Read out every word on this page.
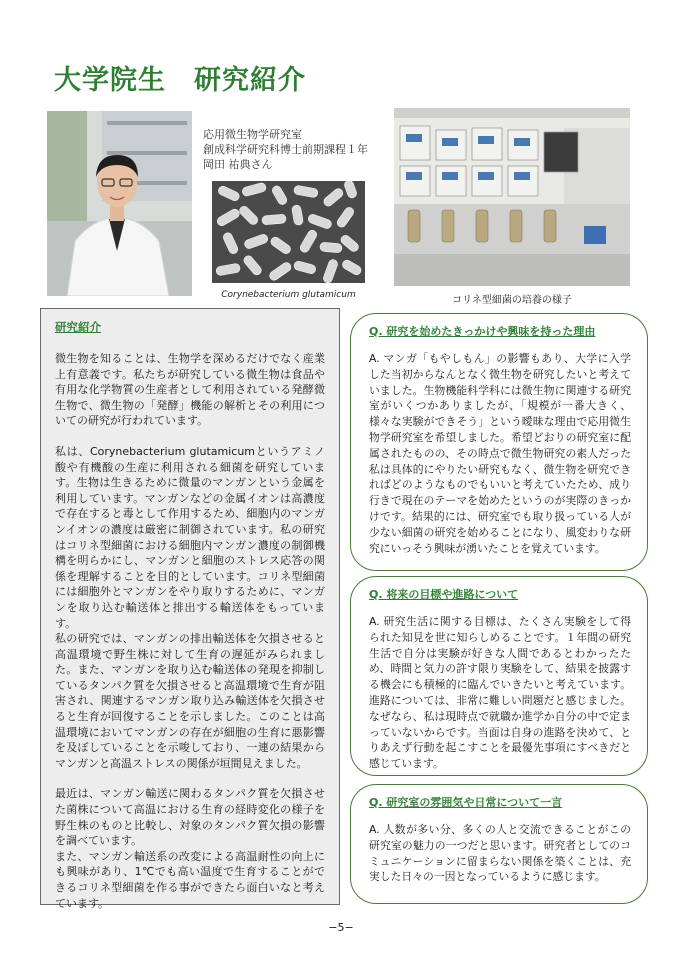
大学院生　研究紹介
応用微生物学研究室
創成科学研究科博士前期課程１年
岡田 祐典さん
Corynebacterium glutamicum	コリネ型細菌の培養の様子
研究紹介

微生物を知ることは、生物学を深めるだけでなく産業上有意義です。私たちが研究している微生物は食品や有用な化学物質の生産者として利用されている発酵微生物で、微生物の「発酵」機能の解析とその利用についての研究が行われています。

私は、Corynebacterium glutamicumというアミノ酸や有機酸の生産に利用される細菌を研究しています。生物は生きるために微量のマンガンという金属を利用しています。マンガンなどの金属イオンは高濃度で存在すると毒として作用するため、細胞内のマンガンイオンの濃度は厳密に制御されています。私の研究はコリネ型細菌における細胞内マンガン濃度の制御機構を明らかにし、マンガンと細胞のストレス応答の関係を理解することを目的としています。コリネ型細菌には細胞外とマンガンをやり取りするために、マンガンを取り込む輸送体と排出する輸送体をもっています。
私の研究では、マンガンの排出輸送体を欠損させると高温環境で野生株に対して生育の遅延がみられました。また、マンガンを取り込む輸送体の発現を抑制しているタンパク質を欠損させると高温環境で生育が阻害され、関連するマンガン取り込み輸送体を欠損させると生育が回復することを示しました。このことは高温環境においてマンガンの存在が細胞の生育に悪影響を及ぼしていることを示唆しており、一連の結果からマンガンと高温ストレスの関係が垣間見えました。

最近は、マンガン輸送に関わるタンパク質を欠損させた菌株について高温における生育の経時変化の様子を野生株のものと比較し、対象のタンパク質欠損の影響を調べています。
また、マンガン輸送系の改変による高温耐性の向上にも興味があり、1℃でも高い温度で生育することができるコリネ型細菌を作る事ができたら面白いなと考えています。

Q. 研究を始めたきっかけや興味を持った理由

A. マンガ「もやしもん」の影響もあり、大学に入学した当初からなんとなく微生物を研究したいと考えていました。生物機能科学科には微生物に関連する研究室がいくつかありましたが、「規模が一番大きく、様々な実験ができそう」という曖昧な理由で応用微生物学研究室を希望しました。希望どおりの研究室に配属されたものの、その時点で微生物研究の素人だった私は具体的にやりたい研究もなく、微生物を研究できればどのようなものでもいいと考えていたため、成り行きで現在のテーマを始めたというのが実際のきっかけです。結果的には、研究室でも取り扱っている人が少ない細菌の研究を始めることになり、風変わりな研究にいっそう興味が湧いたことを覚えています。

Q. 将来の目標や進路について

A. 研究生活に関する目標は、たくさん実験をして得られた知見を世に知らしめることです。１年間の研究生活で自分は実験が好きな人間であるとわかったため、時間と気力の許す限り実験をして、結果を披露する機会にも積極的に臨んでいきたいと考えています。進路については、非常に難しい問題だと感じました。なぜなら、私は現時点で就職か進学か自分の中で定まっていないからです。当面は自身の進路を決めて、とりあえず行動を起こすことを最優先事項にすべきだと感じています。

Q. 研究室の雰囲気や日常について一言

A. 人数が多い分、多くの人と交流できることがこの研究室の魅力の一つだと思います。研究者としてのコミュニケーションに留まらない関係を築くことは、充実した日々の一因となっているように感じます。

−5−
